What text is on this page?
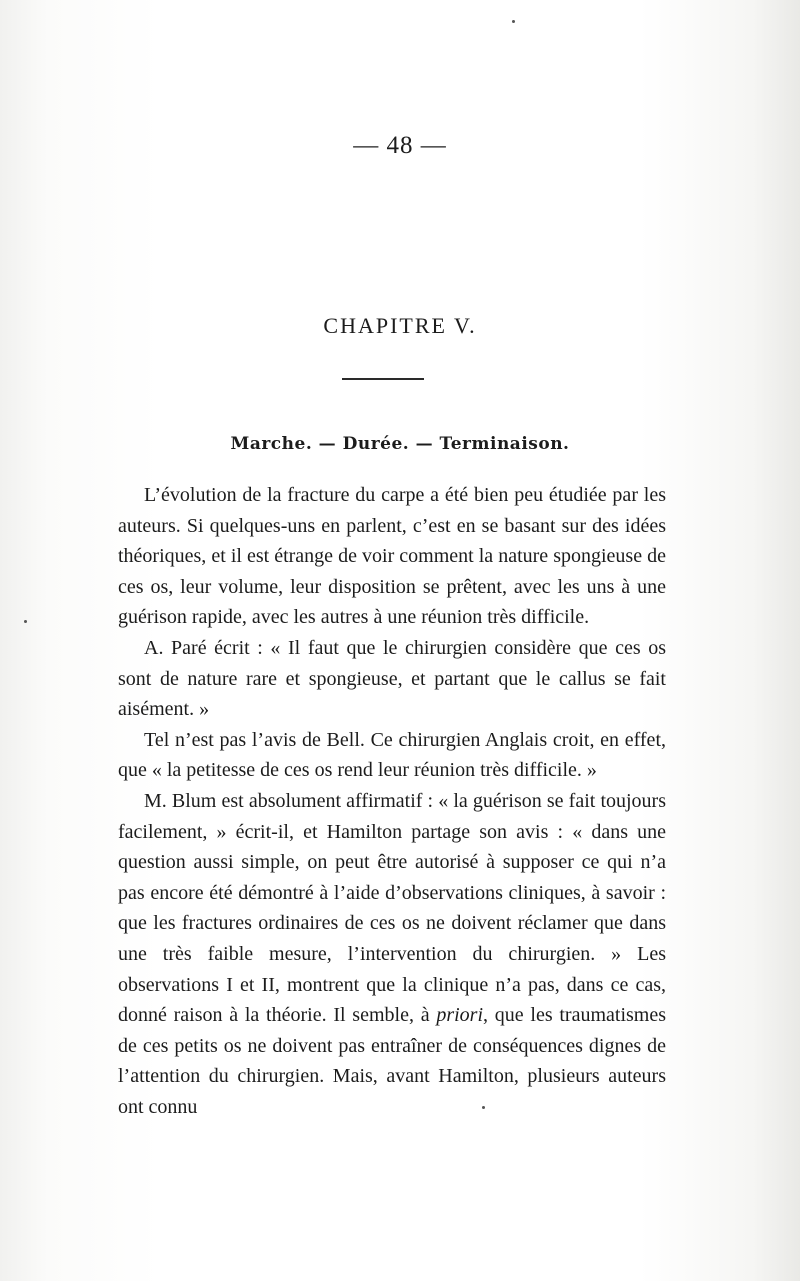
— 48 —
CHAPITRE V.
Marche. — Durée. — Terminaison.

L’évolution de la fracture du carpe a été bien peu étudiée par les auteurs. Si quelques-uns en parlent, c’est en se basant sur des idées théoriques, et il est étrange de voir comment la nature spongieuse de ces os, leur volume, leur disposition se prêtent, avec les uns à une guérison rapide, avec les autres à une réunion très difficile.

A. Paré écrit : « Il faut que le chirurgien considère que ces os sont de nature rare et spongieuse, et partant que le callus se fait aisément. »

Tel n’est pas l’avis de Bell. Ce chirurgien Anglais croit, en effet, que « la petitesse de ces os rend leur réunion très difficile. »

M. Blum est absolument affirmatif : « la guérison se fait toujours facilement, » écrit-il, et Hamilton partage son avis : « dans une question aussi simple, on peut être autorisé à supposer ce qui n’a pas encore été démontré à l’aide d’observations cliniques, à savoir : que les fractures ordinaires de ces os ne doivent réclamer que dans une très faible mesure, l’intervention du chirurgien. » Les observations I et II, montrent que la clinique n’a pas, dans ce cas, donné raison à la théorie. Il semble, à priori, que les traumatismes de ces petits os ne doivent pas entraîner de conséquences dignes de l’attention du chirurgien. Mais, avant Hamilton, plusieurs auteurs ont connu
